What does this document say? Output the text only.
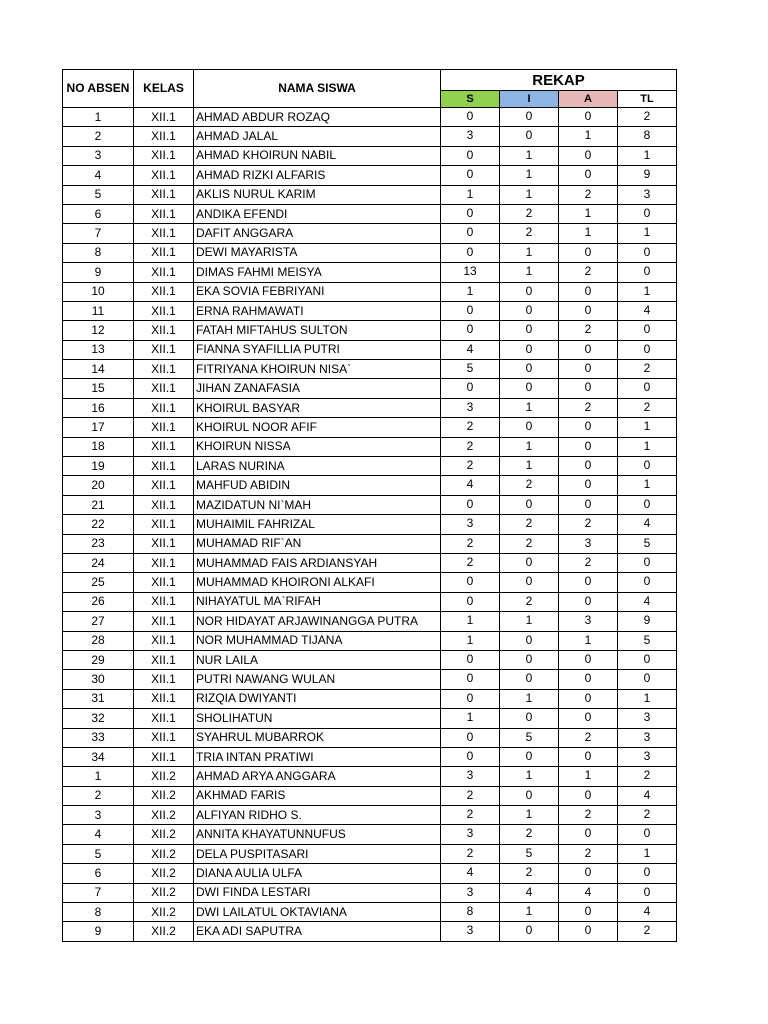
NO ABSEN	KELAS	NAMA SISWA	REKAP			
			S	I	A	TL
1	XII.1	AHMAD ABDUR ROZAQ	0	0	0	2
2	XII.1	AHMAD JALAL	3	0	1	8
3	XII.1	AHMAD KHOIRUN NABIL	0	1	0	1
4	XII.1	AHMAD RIZKI ALFARIS	0	1	0	9
5	XII.1	AKLIS NURUL KARIM	1	1	2	3
6	XII.1	ANDIKA EFENDI	0	2	1	0
7	XII.1	DAFIT ANGGARA	0	2	1	1
8	XII.1	DEWI MAYARISTA	0	1	0	0
9	XII.1	DIMAS FAHMI MEISYA	13	1	2	0
10	XII.1	EKA SOVIA FEBRIYANI	1	0	0	1
11	XII.1	ERNA RAHMAWATI	0	0	0	4
12	XII.1	FATAH MIFTAHUS SULTON	0	0	2	0
13	XII.1	FIANNA SYAFILLIA PUTRI	4	0	0	0
14	XII.1	FITRIYANA KHOIRUN NISA`	5	0	0	2
15	XII.1	JIHAN ZANAFASIA	0	0	0	0
16	XII.1	KHOIRUL BASYAR	3	1	2	2
17	XII.1	KHOIRUL NOOR AFIF	2	0	0	1
18	XII.1	KHOIRUN NISSA	2	1	0	1
19	XII.1	LARAS NURINA	2	1	0	0
20	XII.1	MAHFUD ABIDIN	4	2	0	1
21	XII.1	MAZIDATUN NI`MAH	0	0	0	0
22	XII.1	MUHAIMIL FAHRIZAL	3	2	2	4
23	XII.1	MUHAMAD RIF`AN	2	2	3	5
24	XII.1	MUHAMMAD FAIS ARDIANSYAH	2	0	2	0
25	XII.1	MUHAMMAD KHOIRONI ALKAFI	0	0	0	0
26	XII.1	NIHAYATUL MA`RIFAH	0	2	0	4
27	XII.1	NOR HIDAYAT ARJAWINANGGA PUTRA	1	1	3	9
28	XII.1	NOR MUHAMMAD TIJANA	1	0	1	5
29	XII.1	NUR LAILA	0	0	0	0
30	XII.1	PUTRI NAWANG WULAN	0	0	0	0
31	XII.1	RIZQIA DWIYANTI	0	1	0	1
32	XII.1	SHOLIHATUN	1	0	0	3
33	XII.1	SYAHRUL MUBARROK	0	5	2	3
34	XII.1	TRIA INTAN PRATIWI	0	0	0	3
1	XII.2	AHMAD ARYA ANGGARA	3	1	1	2
2	XII.2	AKHMAD FARIS	2	0	0	4
3	XII.2	ALFIYAN RIDHO S.	2	1	2	2
4	XII.2	ANNITA KHAYATUNNUFUS	3	2	0	0
5	XII.2	DELA PUSPITASARI	2	5	2	1
6	XII.2	DIANA AULIA ULFA	4	2	0	0
7	XII.2	DWI FINDA LESTARI	3	4	4	0
8	XII.2	DWI LAILATUL OKTAVIANA	8	1	0	4
9	XII.2	EKA ADI SAPUTRA	3	0	0	2
